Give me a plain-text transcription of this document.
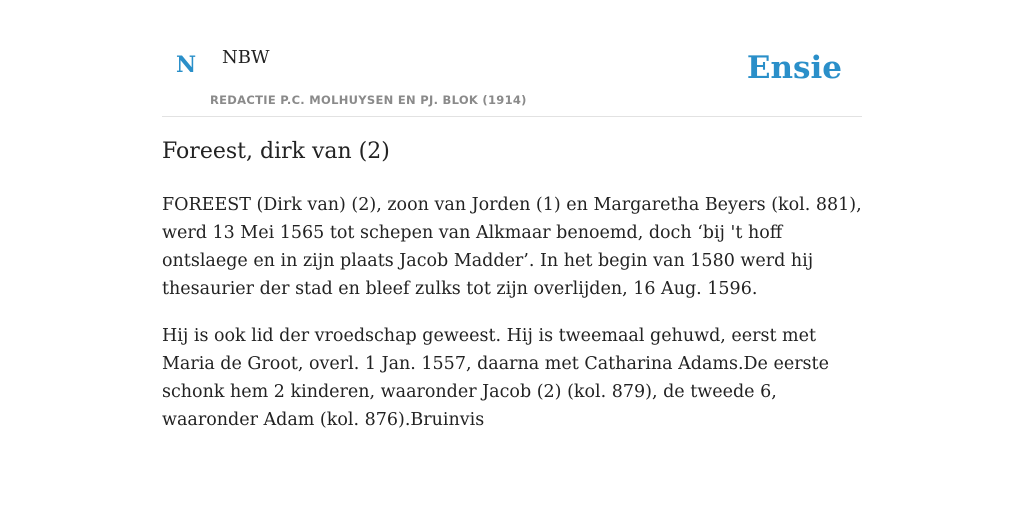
N NBW
REDACTIE P.C. MOLHUYSEN EN PJ. BLOK (1914)
Ensie
Foreest, dirk van (2)

FOREEST (Dirk van) (2), zoon van Jorden (1) en Margaretha Beyers (kol. 881), werd 13 Mei 1565 tot schepen van Alkmaar benoemd, doch ‘bij 't hoff ontslaege en in zijn plaats Jacob Madder’. In het begin van 1580 werd hij thesaurier der stad en bleef zulks tot zijn overlijden, 16 Aug. 1596.

Hij is ook lid der vroedschap geweest. Hij is tweemaal gehuwd, eerst met Maria de Groot, overl. 1 Jan. 1557, daarna met Catharina Adams.De eerste schonk hem 2 kinderen, waaronder Jacob (2) (kol. 879), de tweede 6, waaronder Adam (kol. 876).Bruinvis
